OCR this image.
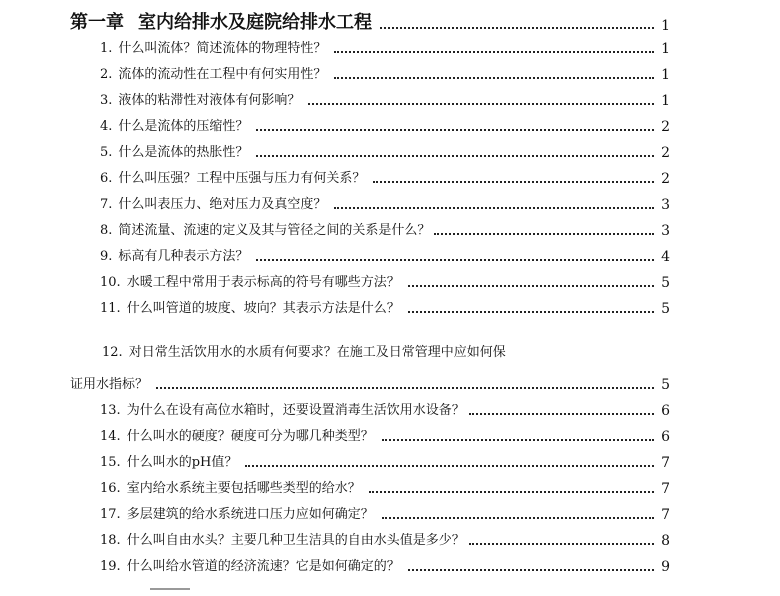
第一章 室内给排水及庭院给排水工程	1
1. 什么叫流体？简述流体的物理特性？	1
2. 流体的流动性在工程中有何实用性？	1
3. 液体的粘滞性对液体有何影响？	1
4. 什么是流体的压缩性？	2
5. 什么是流体的热胀性？	2
6. 什么叫压强？工程中压强与压力有何关系？	2
7. 什么叫表压力、绝对压力及真空度？	3
8. 简述流量、流速的定义及其与管径之间的关系是什么？	3
9. 标高有几种表示方法？	4
10. 水暖工程中常用于表示标高的符号有哪些方法？	5
11. 什么叫管道的坡度、坡向？其表示方法是什么？	5
12. 对日常生活饮用水的水质有何要求？在施工及日常管理中应如何保
证用水指标？	5
13. 为什么在设有高位水箱时，还要设置消毒生活饮用水设备？	6
14. 什么叫水的硬度？硬度可分为哪几种类型？	6
15. 什么叫水的pH值？	7
16. 室内给水系统主要包括哪些类型的给水？	7
17. 多层建筑的给水系统进口压力应如何确定？	7
18. 什么叫自由水头？主要几种卫生洁具的自由水头值是多少？	8
19. 什么叫给水管道的经济流速？它是如何确定的？	9
